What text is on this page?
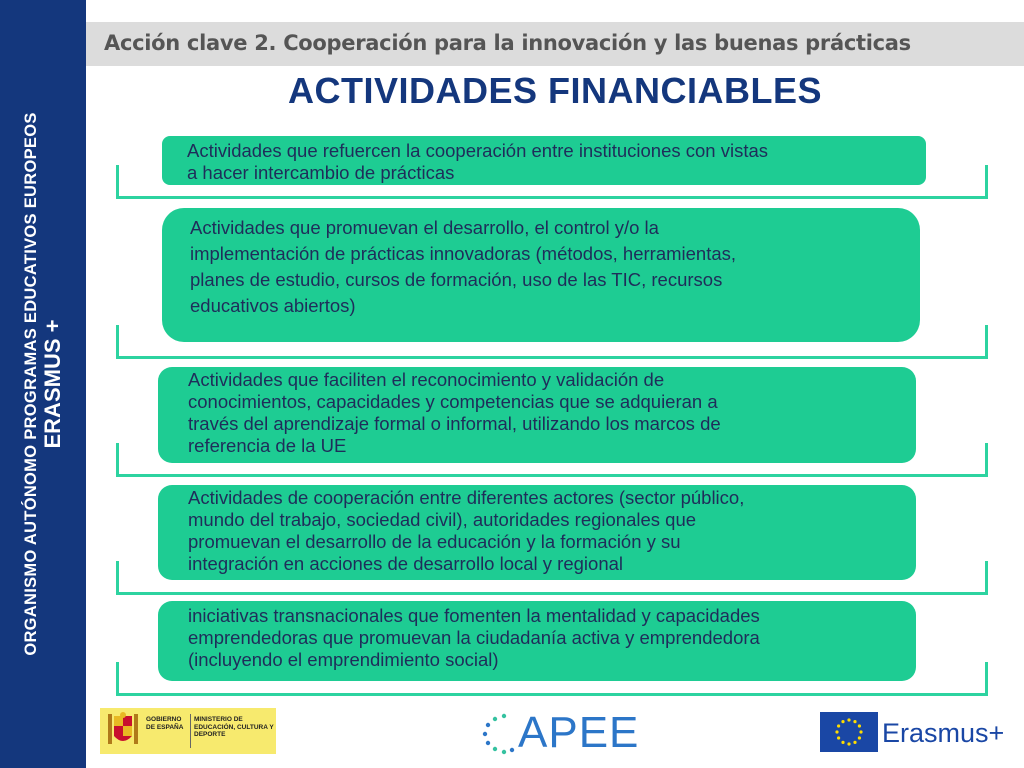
ORGANISMO AUTÓNOMO PROGRAMAS EDUCATIVOS EUROPEOS ERASMUS +
Acción clave 2. Cooperación para la innovación y las buenas prácticas
ACTIVIDADES FINANCIABLES
Actividades que refuercen la cooperación entre instituciones con vistas
a hacer intercambio de prácticas
Actividades que promuevan el desarrollo, el control y/o la
implementación de prácticas innovadoras (métodos, herramientas,
planes de estudio, cursos de formación, uso de las TIC, recursos
educativos abiertos)
Actividades que faciliten el reconocimiento y validación de
conocimientos, capacidades y competencias que se adquieran a
través del aprendizaje formal o informal, utilizando los marcos de
referencia de la UE
Actividades de cooperación entre diferentes actores (sector público,
mundo del trabajo, sociedad civil), autoridades regionales que
promuevan el desarrollo de la educación y la formación y su
integración en acciones de desarrollo local y regional
iniciativas transnacionales que fomenten la mentalidad y capacidades
emprendedoras que promuevan la ciudadanía activa y emprendedora
(incluyendo el emprendimiento social)
GOBIERNO DE ESPAÑA
MINISTERIO DE EDUCACIÓN, CULTURA Y DEPORTE	APEE	Erasmus+
